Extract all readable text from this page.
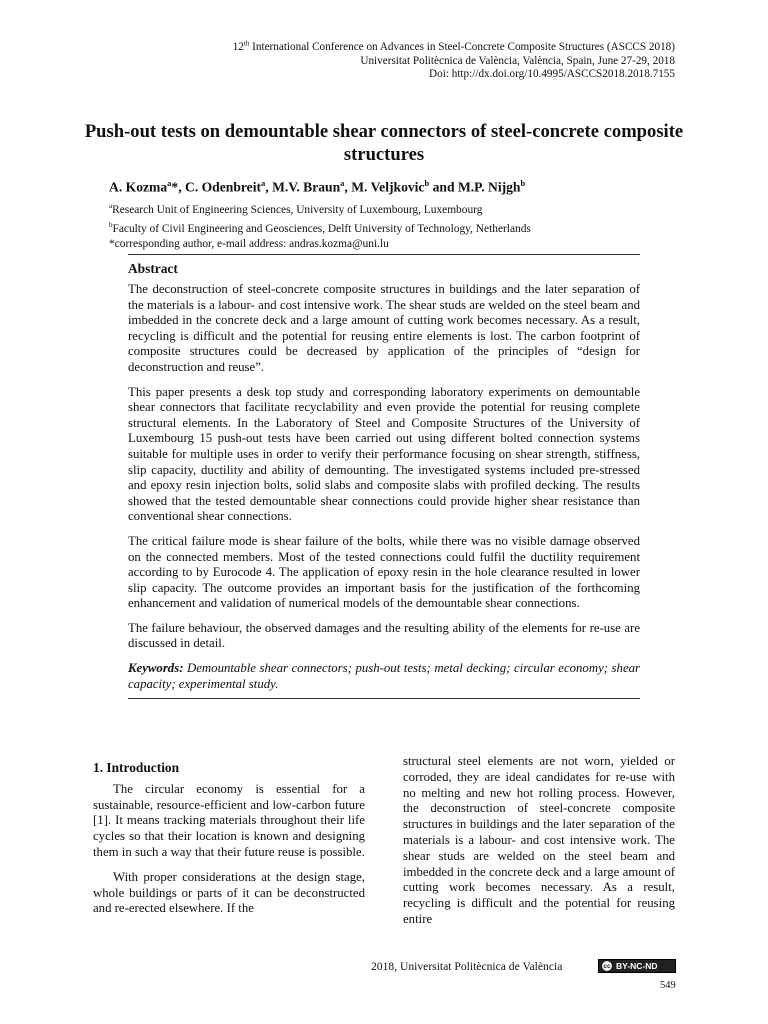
12th International Conference on Advances in Steel-Concrete Composite Structures (ASCCS 2018)
Universitat Politècnica de València, València, Spain, June 27-29, 2018
Doi: http://dx.doi.org/10.4995/ASCCS2018.2018.7155
Push-out tests on demountable shear connectors of steel-concrete composite structures
A. Kozma$^a$*, C. Odenbreit$^a$, M.V. Braun$^a$, M. Veljkovic$^b$ and M.P. Nijgh$^b$
$^a$Research Unit of Engineering Sciences, University of Luxembourg, Luxembourg
$^b$Faculty of Civil Engineering and Geosciences, Delft University of Technology, Netherlands
*corresponding author, e-mail address: andras.kozma@uni.lu
Abstract

The deconstruction of steel-concrete composite structures in buildings and the later separation of the materials is a labour- and cost intensive work. The shear studs are welded on the steel beam and imbedded in the concrete deck and a large amount of cutting work becomes necessary. As a result, recycling is difficult and the potential for reusing entire elements is lost. The carbon footprint of composite structures could be decreased by application of the principles of “design for deconstruction and reuse”.

This paper presents a desk top study and corresponding laboratory experiments on demountable shear connectors that facilitate recyclability and even provide the potential for reusing complete structural elements. In the Laboratory of Steel and Composite Structures of the University of Luxembourg 15 push-out tests have been carried out using different bolted connection systems suitable for multiple uses in order to verify their performance focusing on shear strength, stiffness, slip capacity, ductility and ability of demounting. The investigated systems included pre-stressed and epoxy resin injection bolts, solid slabs and composite slabs with profiled decking. The results showed that the tested demountable shear connections could provide higher shear resistance than conventional shear connections.

The critical failure mode is shear failure of the bolts, while there was no visible damage observed on the connected members. Most of the tested connections could fulfil the ductility requirement according to by Eurocode 4. The application of epoxy resin in the hole clearance resulted in lower slip capacity. The outcome provides an important basis for the justification of the forthcoming enhancement and validation of numerical models of the demountable shear connections.

The failure behaviour, the observed damages and the resulting ability of the elements for re-use are discussed in detail.

Keywords: Demountable shear connectors; push-out tests; metal decking; circular economy; shear capacity; experimental study.

1. Introduction

The circular economy is essential for a sustainable, resource-efficient and low-carbon future [1]. It means tracking materials throughout their life cycles so that their location is known and designing them in such a way that their future reuse is possible.

With proper considerations at the design stage, whole buildings or parts of it can be deconstructed and re-erected elsewhere. If the

structural steel elements are not worn, yielded or corroded, they are ideal candidates for re-use with no melting and new hot rolling process. However, the deconstruction of steel-concrete composite structures in buildings and the later separation of the materials is a labour- and cost intensive work. The shear studs are welded on the steel beam and imbedded in the concrete deck and a large amount of cutting work becomes necessary. As a result, recycling is difficult and the potential for reusing entire

2018, Universitat Politècnica de València	cc BY-NC-ND
549
